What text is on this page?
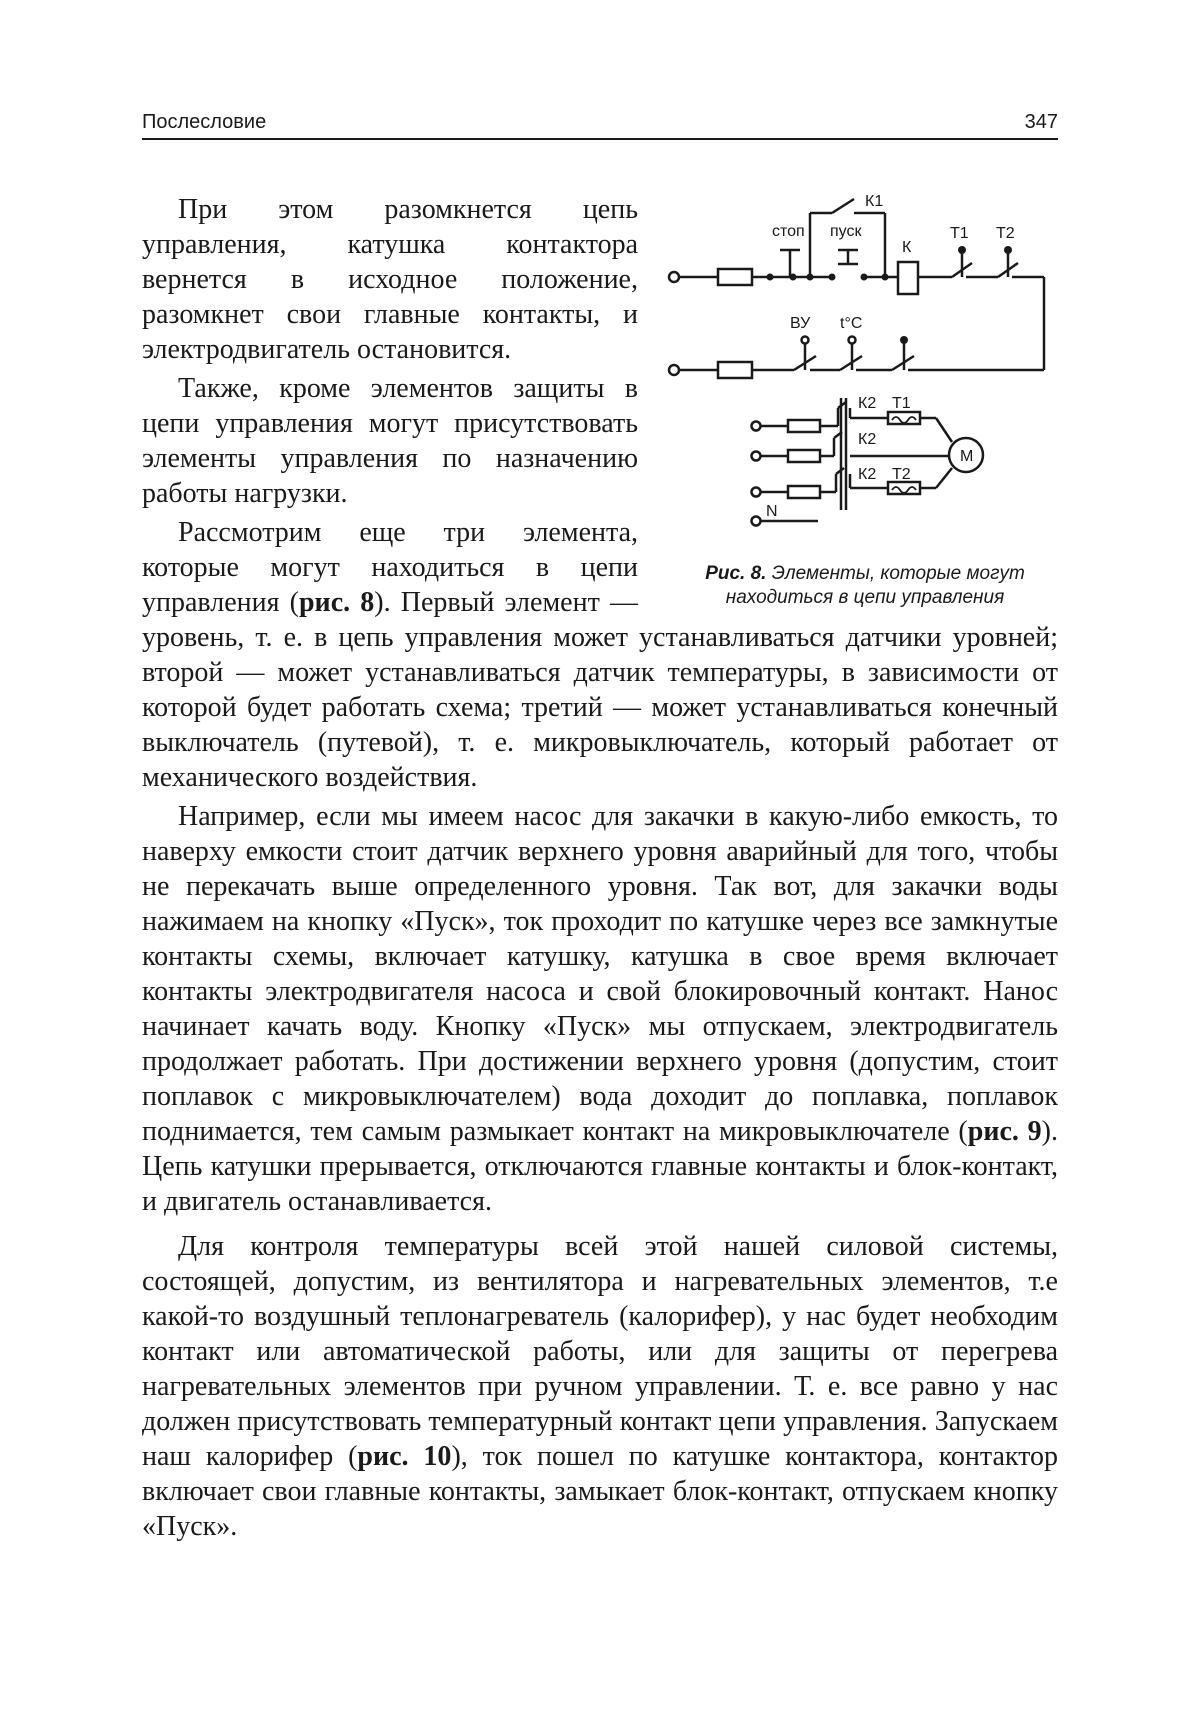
Послесловие	347
стоп пуск
К1
К
Т1 Т2
ВУ t°C
К2 Т1
К2
К2 Т2
М
N
Рис. 8. Элементы, которые могут находиться в цепи управления

При этом разомкнется цепь управления, катушка контактора вернется в исходное положение, разомкнет свои главные контакты, и электродвигатель остановится.

Также, кроме элементов защиты в цепи управления могут присутствовать элементы управления по назначению работы нагрузки.

Рассмотрим еще три элемента, которые могут находиться в цепи управления (рис. 8). Первый элемент — уровень, т. е. в цепь управления может устанавливаться датчики уровней; второй — может устанавливаться датчик температуры, в зависимости от которой будет работать схема; третий — может устанавливаться конечный выключатель (путевой), т. е. микровыключатель, который работает от механического воздействия.

Например, если мы имеем насос для закачки в какую-либо емкость, то наверху емкости стоит датчик верхнего уровня аварийный для того, чтобы не перекачать выше определенного уровня. Так вот, для закачки воды нажимаем на кнопку «Пуск», ток проходит по катушке через все замкнутые контакты схемы, включает катушку, катушка в свое время включает контакты электродвигателя насоса и свой блокировочный контакт. Нанос начинает качать воду. Кнопку «Пуск» мы отпускаем, электродвигатель продолжает работать. При достижении верхнего уровня (допустим, стоит поплавок с микровыключателем) вода доходит до поплавка, поплавок поднимается, тем самым размыкает контакт на микровыключателе (рис. 9). Цепь катушки прерывается, отключаются главные контакты и блок-контакт, и двигатель останавливается.

Для контроля температуры всей этой нашей силовой системы, состоящей, допустим, из вентилятора и нагревательных элементов, т.е какой-то воздушный теплонагреватель (калорифер), у нас будет необходим контакт или автоматической работы, или для защиты от перегрева нагревательных элементов при ручном управлении. Т. е. все равно у нас должен присутствовать температурный контакт цепи управления. Запускаем наш калорифер (рис. 10), ток пошел по катушке контактора, контактор включает свои главные контакты, замыкает блок-контакт, отпускаем кнопку «Пуск».
